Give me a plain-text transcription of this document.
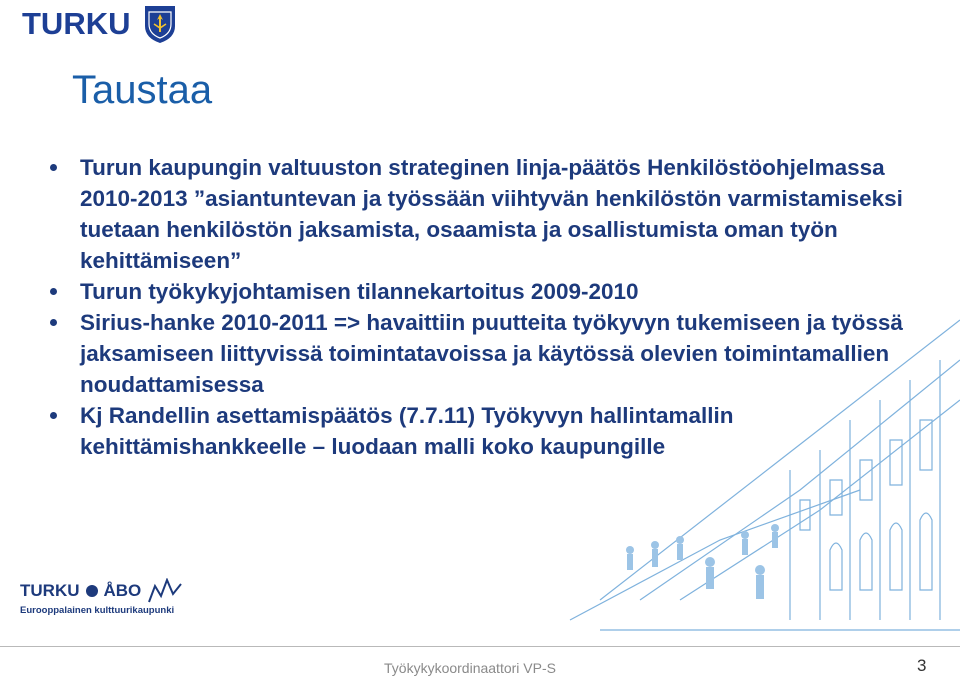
TURKU
Taustaa
Turun kaupungin valtuuston strateginen linja-päätös Henkilöstöohjelmassa 2010-2013 ”asiantuntevan ja työssään viihtyvän henkilöstön varmistamiseksi tuetaan henkilöstön jaksamista, osaamista ja osallistumista oman työn kehittämiseen”
Turun työkykyjohtamisen tilannekartoitus 2009-2010
Sirius-hanke 2010-2011 => havaittiin puutteita työkyvyn tukemiseen ja työssä jaksamiseen liittyvissä toimintatavoissa ja käytössä olevien toimintamallien noudattamisessa
Kj Randellin asettamispäätös (7.7.11) Työkyvyn hallintamallin kehittämishankkeelle – luodaan malli koko kaupungille
TURKU ÅBO
Eurooppalainen kulttuurikaupunki
Työkykykoordinaattori VP-S	3
